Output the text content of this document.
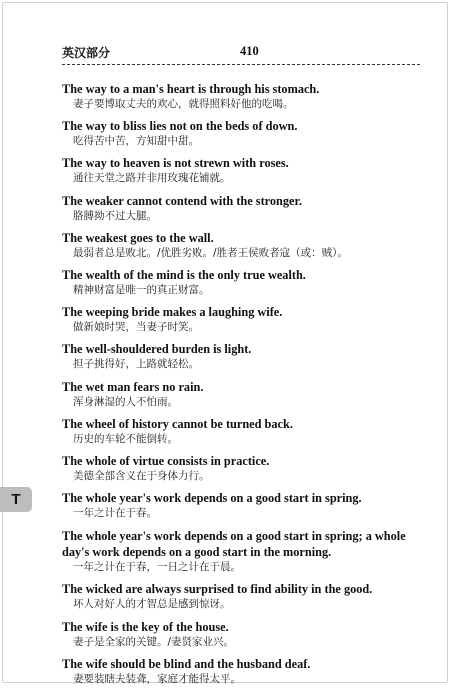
英汉部分	410
The way to a man's heart is through his stomach.
妻子要博取丈夫的欢心，就得照料好他的吃喝。
The way to bliss lies not on the beds of down.
吃得苦中苦，方知甜中甜。
The way to heaven is not strewn with roses.
通往天堂之路并非用玫瑰花铺就。
The weaker cannot contend with the stronger.
胳膊拗不过大腿。
The weakest goes to the wall.
最弱者总是败北。/优胜劣败。/胜者王侯败者寇（或：贼）。
The wealth of the mind is the only true wealth.
精神财富是唯一的真正财富。
The weeping bride makes a laughing wife.
做新娘时哭，当妻子时笑。
The well-shouldered burden is light.
担子挑得好，上路就轻松。
The wet man fears no rain.
浑身淋湿的人不怕雨。
The wheel of history cannot be turned back.
历史的车轮不能倒转。
The whole of virtue consists in practice.
美德全部含义在于身体力行。
The whole year's work depends on a good start in spring.
一年之计在于春。
The whole year's work depends on a good start in spring; a whole day's work depends on a good start in the morning.
一年之计在于春，一日之计在于晨。
The wicked are always surprised to find ability in the good.
坏人对好人的才智总是感到惊讶。
The wife is the key of the house.
妻子是全家的关键。/妻贤家业兴。
The wife should be blind and the husband deaf.
妻要装瞎夫装聋，家庭才能得太平。
T
